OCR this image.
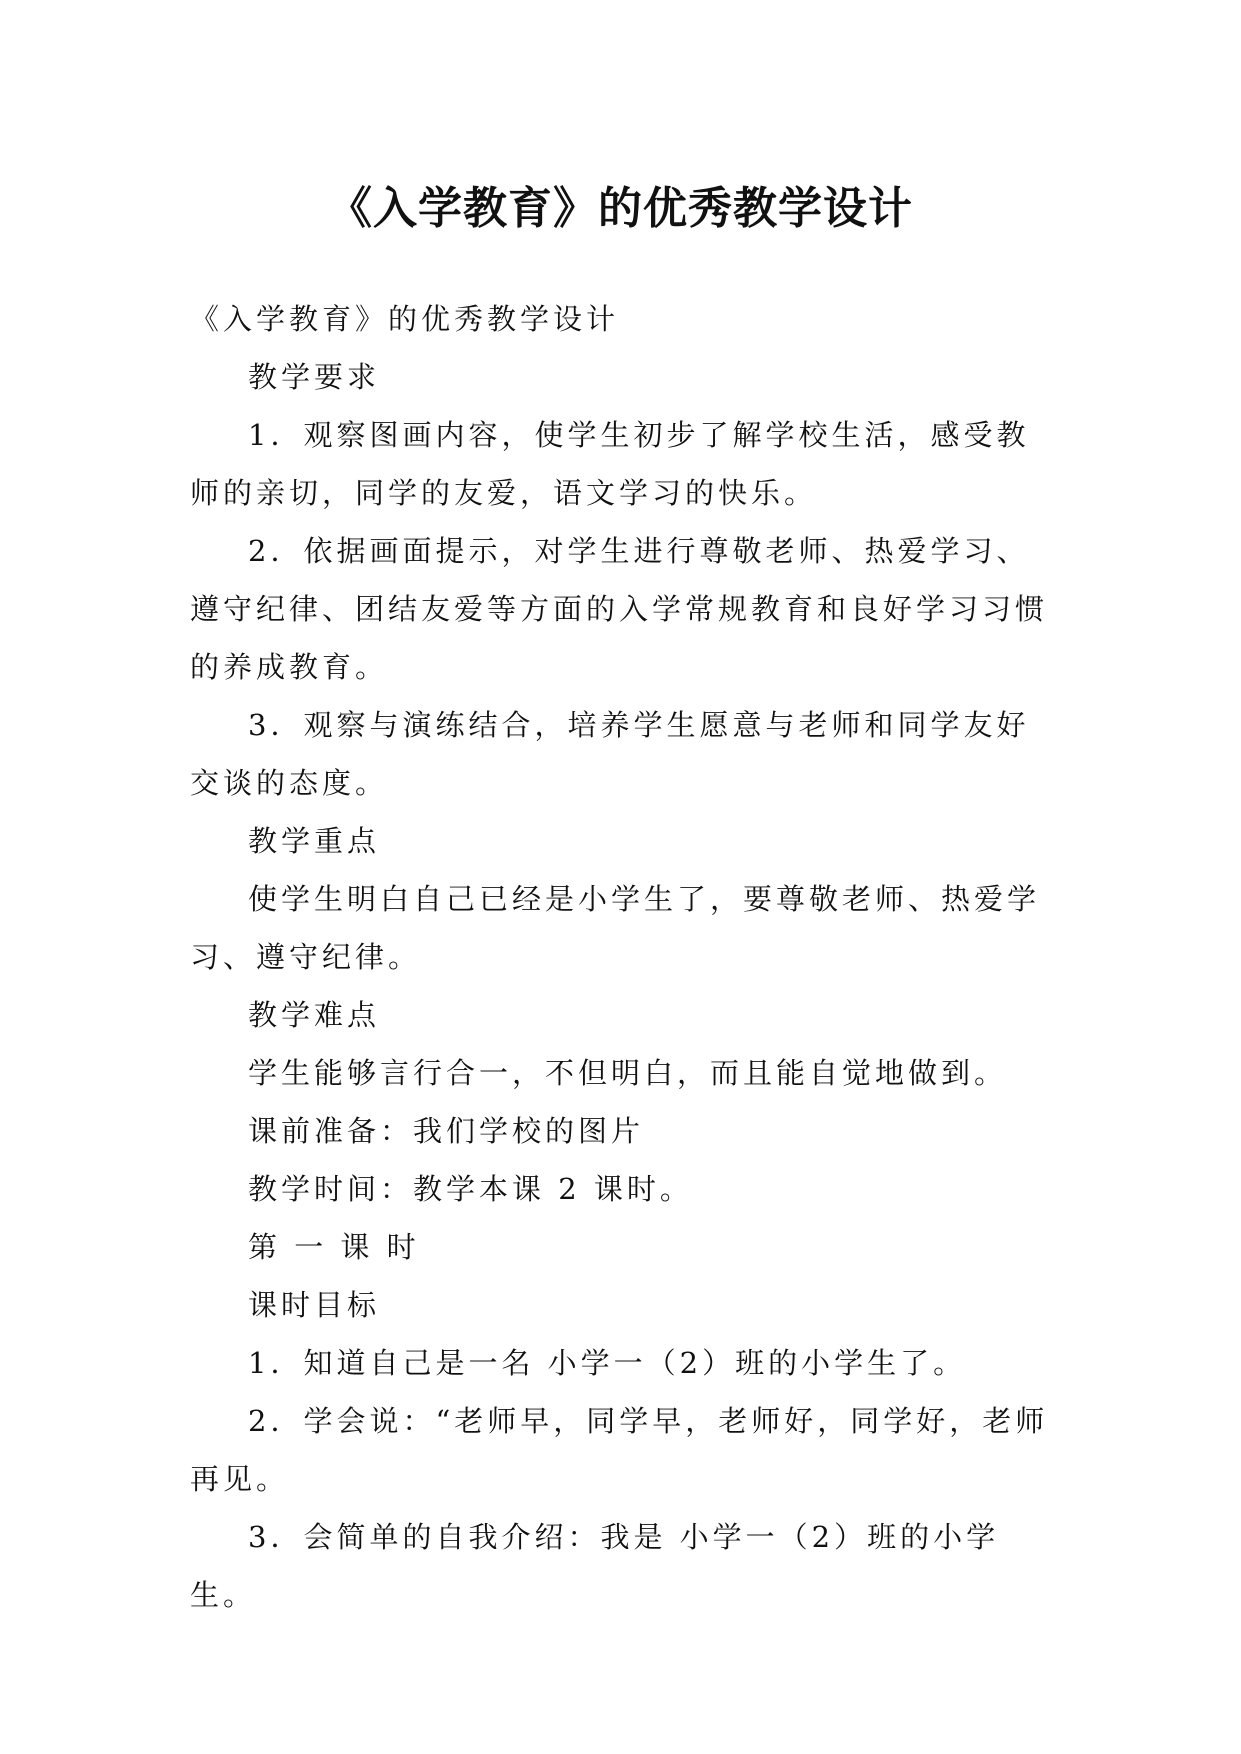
《入学教育》的优秀教学设计

《入学教育》的优秀教学设计

教学要求

1．观察图画内容，使学生初步了解学校生活，感受教师的亲切，同学的友爱，语文学习的快乐。

2．依据画面提示，对学生进行尊敬老师、热爱学习、遵守纪律、团结友爱等方面的入学常规教育和良好学习习惯的养成教育。

3．观察与演练结合，培养学生愿意与老师和同学友好交谈的态度。

教学重点

使学生明白自己已经是小学生了，要尊敬老师、热爱学习、遵守纪律。

教学难点

学生能够言行合一，不但明白，而且能自觉地做到。

课前准备：我们学校的图片

教学时间：教学本课 2 课时。

第 一 课 时

课时目标

1．知道自己是一名 小学一（2）班的小学生了。

2．学会说：“老师早，同学早，老师好，同学好，老师再见。

3．会简单的自我介绍：我是 小学一（2）班的小学生。
